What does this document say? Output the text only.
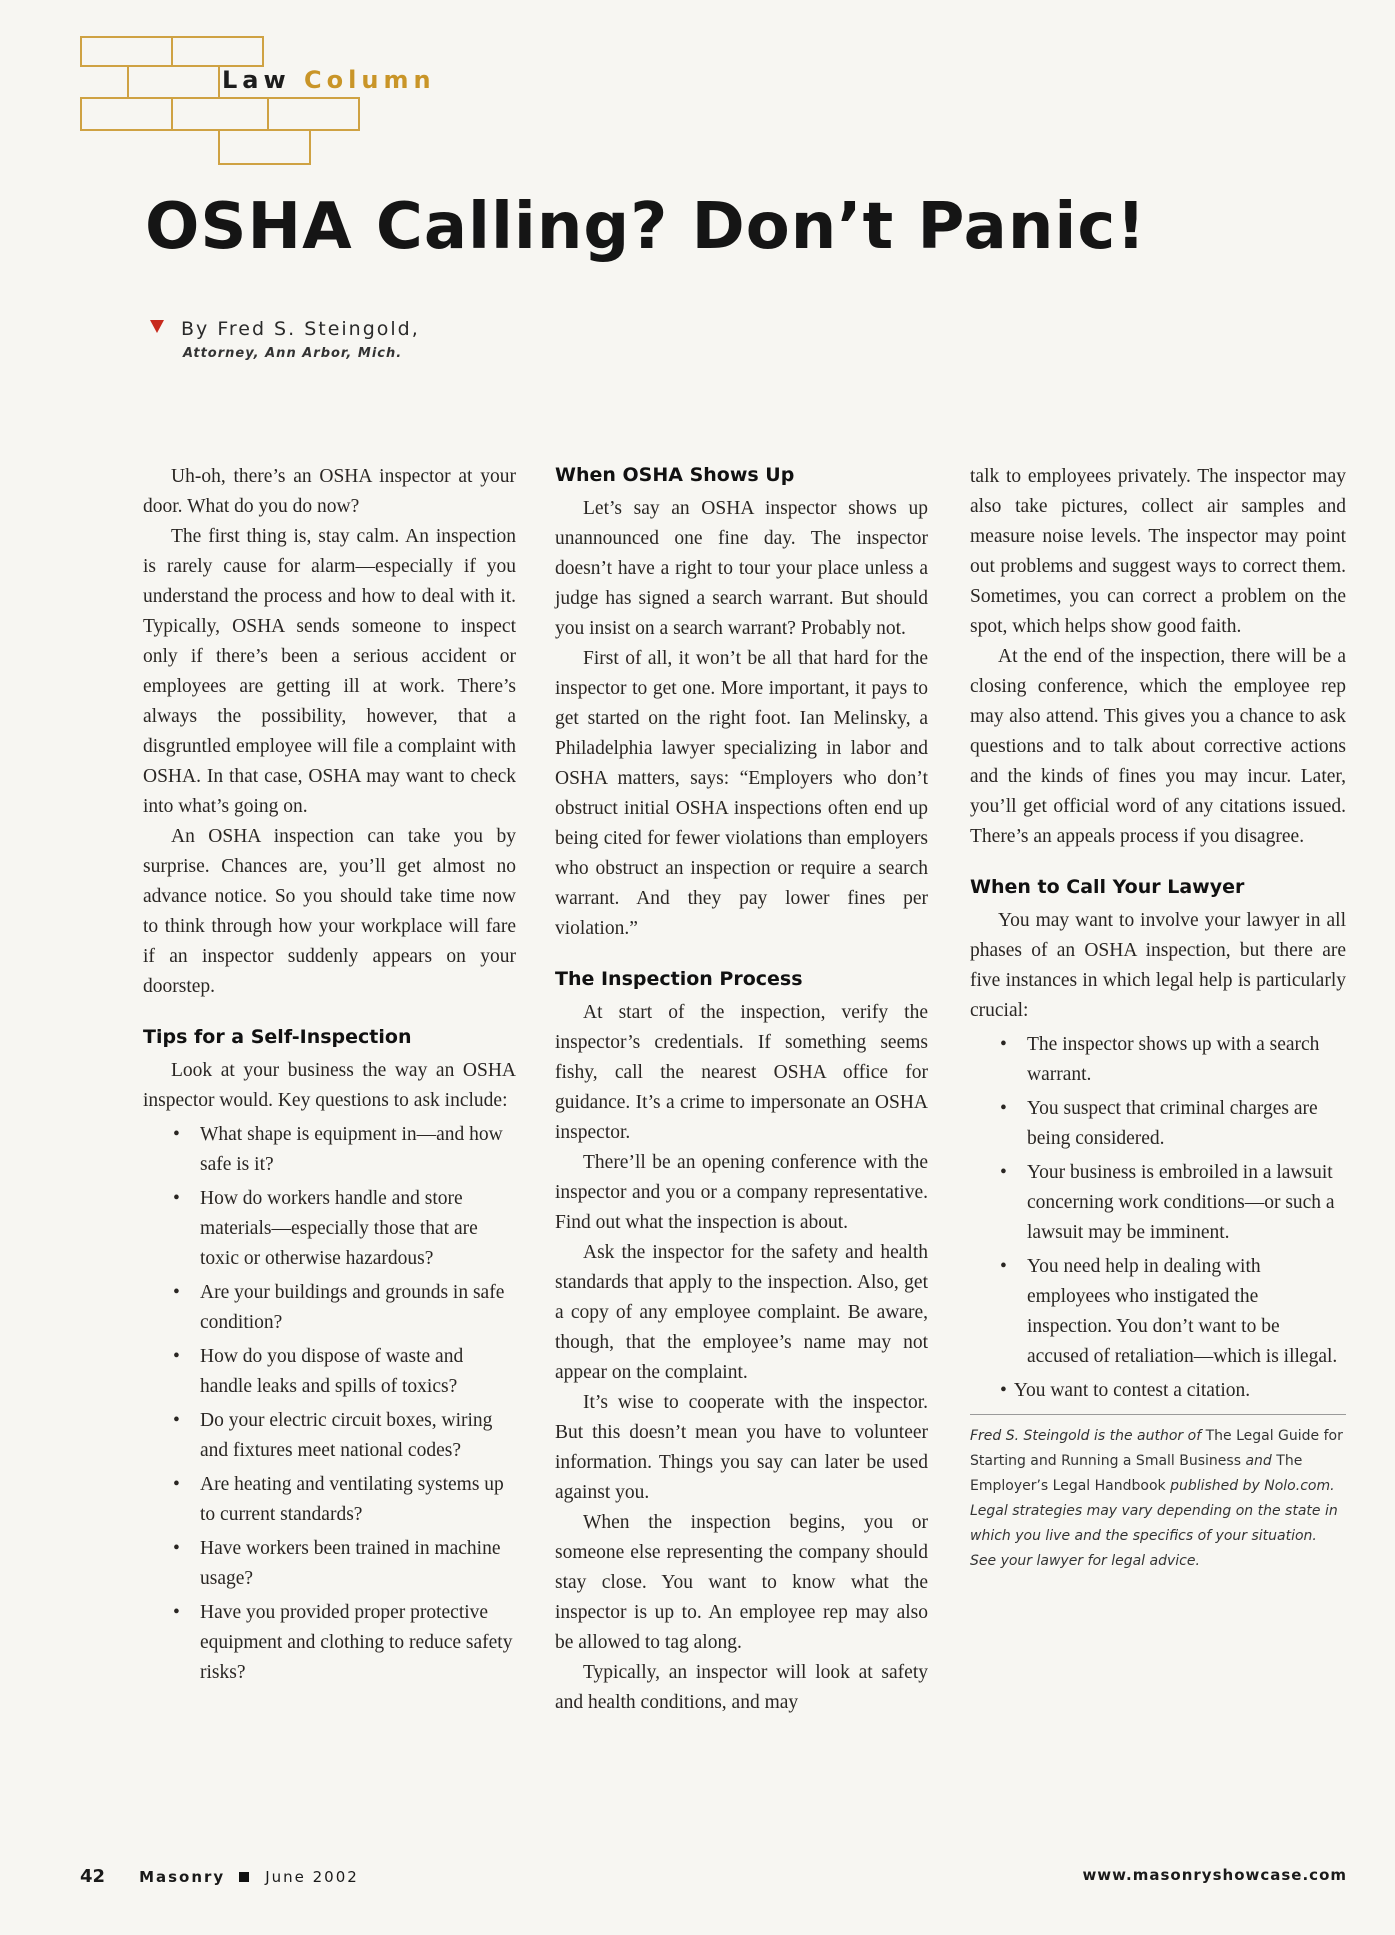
Law Column
OSHA Calling? Don’t Panic!
By Fred S. Steingold,
Attorney, Ann Arbor, Mich.

Uh-oh, there’s an OSHA inspector at your door. What do you do now?

The first thing is, stay calm. An inspection is rarely cause for alarm—especially if you understand the process and how to deal with it. Typically, OSHA sends someone to inspect only if there’s been a serious accident or employees are getting ill at work. There’s always the possibility, however, that a disgruntled employee will file a complaint with OSHA. In that case, OSHA may want to check into what’s going on.

An OSHA inspection can take you by surprise. Chances are, you’ll get almost no advance notice. So you should take time now to think through how your workplace will fare if an inspector suddenly appears on your doorstep.

Tips for a Self-Inspection

Look at your business the way an OSHA inspector would. Key questions to ask include:

• What shape is equipment in—and how safe is it?
• How do workers handle and store materials—especially those that are toxic or otherwise hazardous?
• Are your buildings and grounds in safe condition?
• How do you dispose of waste and handle leaks and spills of toxics?
• Do your electric circuit boxes, wiring and fixtures meet national codes?
• Are heating and ventilating systems up to current standards?
• Have workers been trained in machine usage?
• Have you provided proper protective equipment and clothing to reduce safety risks?
When OSHA Shows Up

Let’s say an OSHA inspector shows up unannounced one fine day. The inspector doesn’t have a right to tour your place unless a judge has signed a search warrant. But should you insist on a search warrant? Probably not.

First of all, it won’t be all that hard for the inspector to get one. More important, it pays to get started on the right foot. Ian Melinsky, a Philadelphia lawyer specializing in labor and OSHA matters, says: “Employers who don’t obstruct initial OSHA inspections often end up being cited for fewer violations than employers who obstruct an inspection or require a search warrant. And they pay lower fines per violation.”

The Inspection Process

At start of the inspection, verify the inspector’s credentials. If something seems fishy, call the nearest OSHA office for guidance. It’s a crime to impersonate an OSHA inspector.

There’ll be an opening conference with the inspector and you or a company representative. Find out what the inspection is about.

Ask the inspector for the safety and health standards that apply to the inspection. Also, get a copy of any employee complaint. Be aware, though, that the employee’s name may not appear on the complaint.

It’s wise to cooperate with the inspector. But this doesn’t mean you have to volunteer information. Things you say can later be used against you.

When the inspection begins, you or someone else representing the company should stay close. You want to know what the inspector is up to. An employee rep may also be allowed to tag along.

Typically, an inspector will look at safety and health conditions, and may

talk to employees privately. The inspector may also take pictures, collect air samples and measure noise levels. The inspector may point out problems and suggest ways to correct them. Sometimes, you can correct a problem on the spot, which helps show good faith.

At the end of the inspection, there will be a closing conference, which the employee rep may also attend. This gives you a chance to ask questions and to talk about corrective actions and the kinds of fines you may incur. Later, you’ll get official word of any citations issued. There’s an appeals process if you disagree.

When to Call Your Lawyer

You may want to involve your lawyer in all phases of an OSHA inspection, but there are five instances in which legal help is particularly crucial:

• The inspector shows up with a search warrant.
• You suspect that criminal charges are being considered.
• Your business is embroiled in a lawsuit concerning work conditions—or such a lawsuit may be imminent.
• You need help in dealing with employees who instigated the inspection. You don’t want to be accused of retaliation—which is illegal.
• You want to contest a citation.
Fred S. Steingold is the author of The Legal Guide for Starting and Running a Small Business and The Employer’s Legal Handbook published by Nolo.com. Legal strategies may vary depending on the state in which you live and the specifics of your situation. See your lawyer for legal advice.
42 Masonry	June 2002	www.masonryshowcase.com
